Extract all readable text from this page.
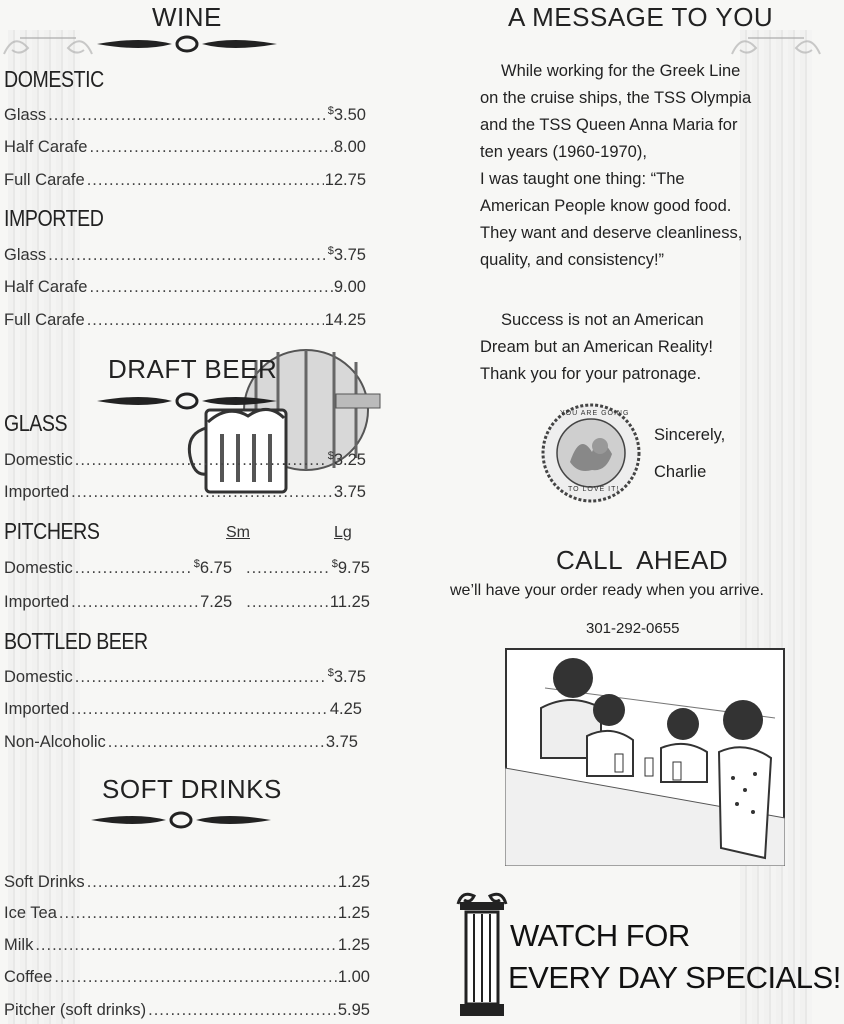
WINE
DOMESTIC
Glass .....	$3.50
Half Carafe .....	8.00
Full Carafe .....	12.75
IMPORTED
Glass .....	$3.75
Half Carafe .....	9.00
Full Carafe .....	14.25
DRAFT BEER
GLASS
Domestic .....	$3.25
Imported .....	3.75
PITCHERS	Sm	Lg
Domestic .....	$6.75 .....	$9.75
Imported .....	7.25 .....	11.25
BOTTLED BEER
Domestic .....	$3.75
Imported .....	4.25
Non-Alcoholic .....	3.75
SOFT DRINKS
Soft Drinks .....	1.25
Ice Tea .....	1.25
Milk .....	1.25
Coffee .....	1.00
Pitcher (soft drinks) .....	5.95
A MESSAGE TO YOU
While working for the Greek Line
on the cruise ships, the TSS Olympia
and the TSS Queen Anna Maria for
ten years (1960-1970),
I was taught one thing: “The
American People know good food.
They want and deserve cleanliness,
quality, and consistency!”
Success is not an American
Dream but an American Reality!
Thank you for your patronage.
YOU ARE GOING
TO LOVE IT!
Sincerely,
Charlie
CALL  AHEAD
we’ll have your order ready when you arrive.
301-292-0655
WATCH FOR
EVERY DAY SPECIALS!
